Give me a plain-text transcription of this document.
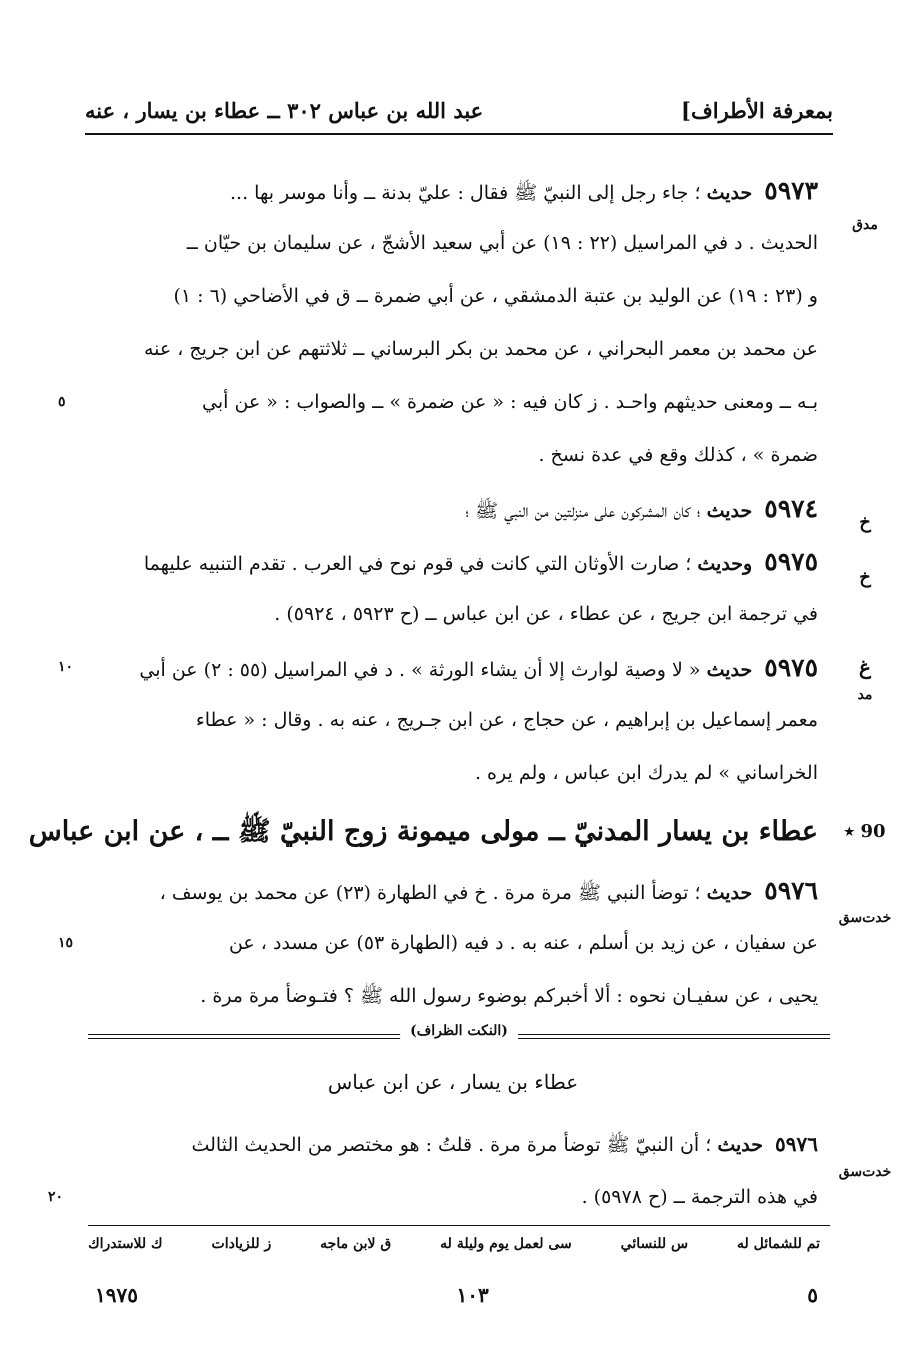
بمعرفة الأطراف]
عبد الله بن عباس ٣٠٢ ــ عطاء بن يسار ، عنه
٥٩٧٣ حديث ؛ جاء رجل إلى النبيّ ﷺ فقال : عليّ بدنة ــ وأنا موسر بها ...
مدق
الحديث . د في المراسيل (٢٢ : ١٩) عن أبي سعيد الأشجّ ، عن سليمان بن حيّان ــ
و (٢٣ : ١٩) عن الوليد بن عتبة الدمشقي ، عن أبي ضمرة ــ ق في الأضاحي (٦ : ١)
عن محمد بن معمر البحراني ، عن محمد بن بكر البرساني ــ ثلاثتهم عن ابن جريج ، عنه
بـه ــ ومعنى حديثهم واحـد . ز كان فيه : « عن ضمرة » ــ والصواب : « عن أبي
٥
ضمرة » ، كذلك وقع في عدة نسخ .
٥٩٧٤ حديث ؛ كان المشركون على منزلتين من النبي ﷺ ؛
خ
٥٩٧٥ وحديث ؛ صارت الأوثان التي كانت في قوم نوح في العرب . تقدم التنبيه عليهما
خ
في ترجمة ابن جريج ، عن عطاء ، عن ابن عباس ــ (ح ٥٩٢٣ ، ٥٩٢٤) .
غ
٥٩٧٥ حديث « لا وصية لوارث إلا أن يشاء الورثة » . د في المراسيل (٥٥ : ٢) عن أبي
١٠
مد
معمر إسماعيل بن إبراهيم ، عن حجاج ، عن ابن جـريج ، عنه به . وقال : « عطاء
الخراساني » لم يدرك ابن عباس ، ولم يره .
90 ٭
عطاء بن يسار المدنيّ ــ مولى ميمونة زوج النبيّ ﷺ ــ ، عن ابن عباس
٥٩٧٦ حديث ؛ توضأ النبي ﷺ مرة مرة . خ في الطهارة (٢٣) عن محمد بن يوسف ،
خدت‌سق
عن سفيان ، عن زيد بن أسلم ، عنه به . د فيه (الطهارة ٥٣) عن مسدد ، عن
١٥
يحيى ، عن سفيـان نحوه : ألا أخبركم بوضوء رسول الله ﷺ ؟ فتـوضأ مرة مرة .
(النكت الظراف)
عطاء بن يسار ، عن ابن عباس
٥٩٧٦ حديث ؛ أن النبيّ ﷺ توضأ مرة مرة . قلتُ : هو مختصر من الحديث الثالث
خدت‌سق
في هذه الترجمة ــ (ح ٥٩٧٨) .
٢٠
تم للشمائل له
س للنسائي
سى لعمل يوم وليلة له
ق لابن ماجه
ز للزيادات
ك للاستدراك
٥
١٠٣
١٩٧٥
